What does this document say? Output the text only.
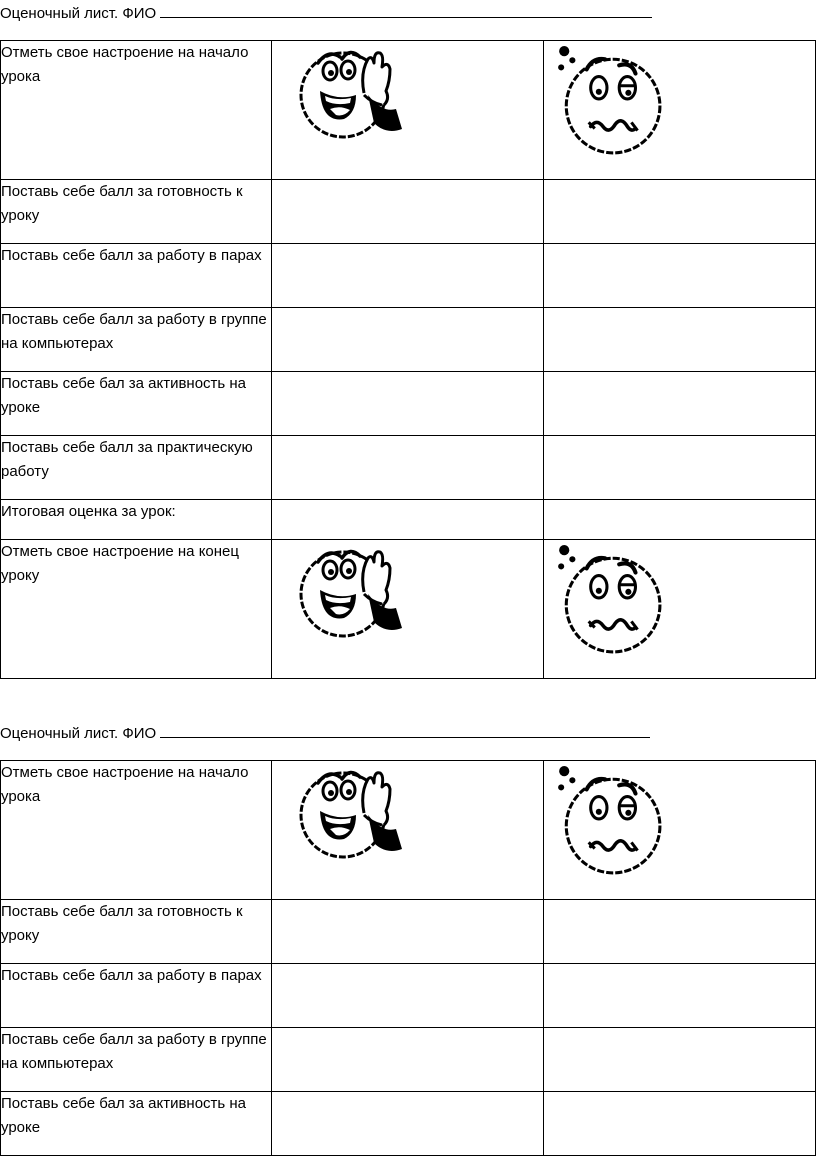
Оценочный лист. ФИО
Отметь свое настроение на начало урока	

Поставь себе балл за готовность к уроку		
Поставь себе балл за работу в парах		
Поставь себе балл за работу в группе на компьютерах		
Поставь себе бал за активность на уроке		
Поставь себе балл за практическую работу		
Итоговая оценка за урок:		
Отметь свое настроение на конец уроку	

Оценочный лист. ФИО
Отметь свое настроение на начало урока	

Поставь себе балл за готовность к уроку		
Поставь себе балл за работу в парах		
Поставь себе балл за работу в группе на компьютерах		
Поставь себе бал за активность на уроке		
